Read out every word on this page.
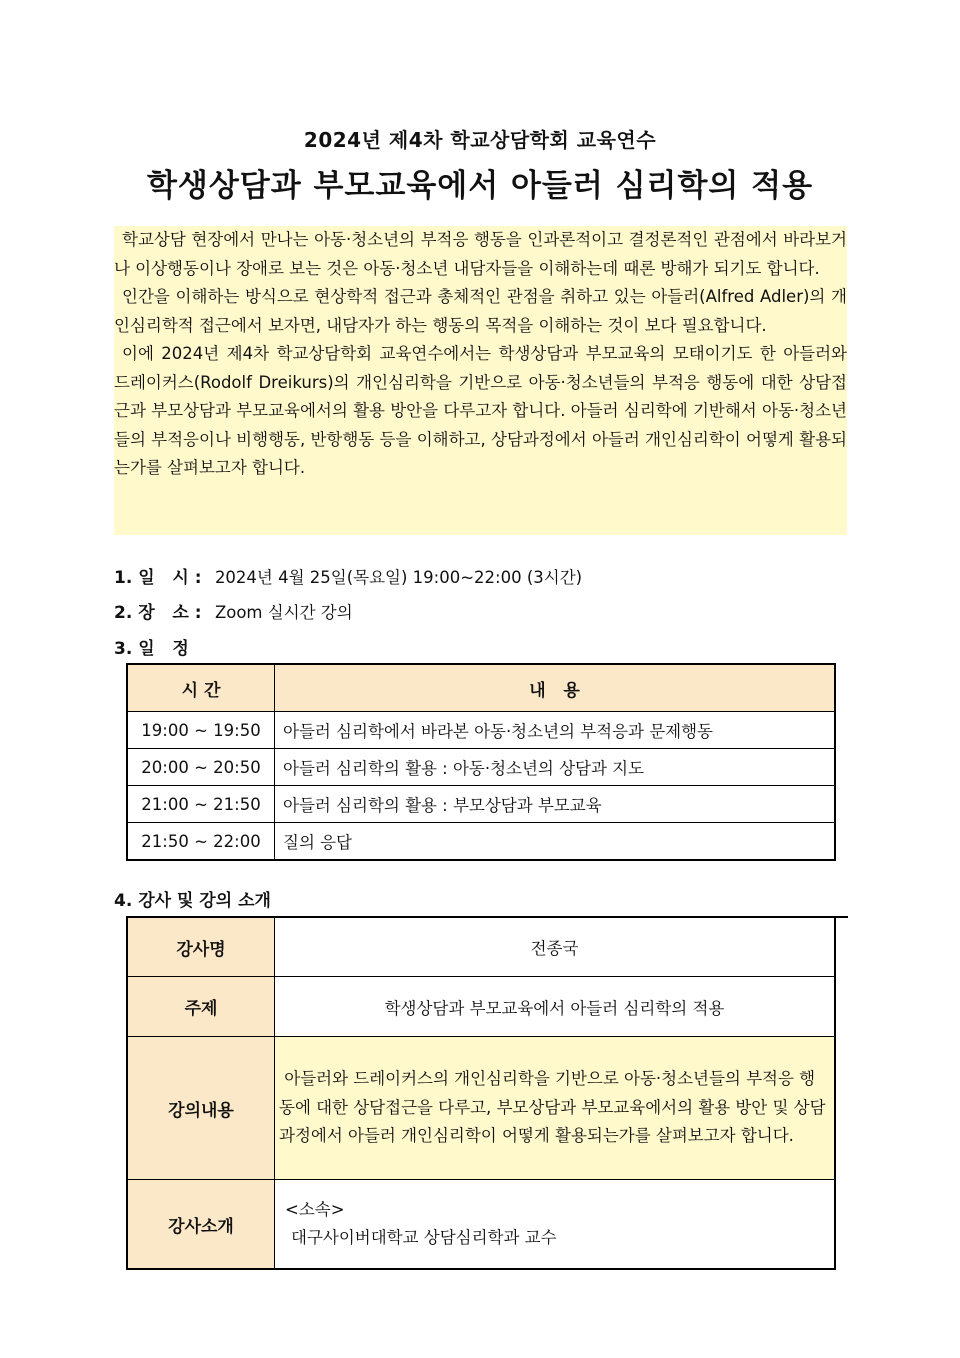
2024년 제4차 학교상담학회 교육연수
학생상담과 부모교육에서 아들러 심리학의 적용

학교상담 현장에서 만나는 아동·청소년의 부적응 행동을 인과론적이고 결정론적인 관점에서 바라보거나 이상행동이나 장애로 보는 것은 아동·청소년 내담자들을 이해하는데 때론 방해가 되기도 합니다.

인간을 이해하는 방식으로 현상학적 접근과 총체적인 관점을 취하고 있는 아들러(Alfred Adler)의 개인심리학적 접근에서 보자면, 내담자가 하는 행동의 목적을 이해하는 것이 보다 필요합니다.

이에 2024년 제4차 학교상담학회 교육연수에서는 학생상담과 부모교육의 모태이기도 한 아들러와 드레이커스(Rodolf Dreikurs)의 개인심리학을 기반으로 아동·청소년들의 부적응 행동에 대한 상담접근과 부모상담과 부모교육에서의 활용 방안을 다루고자 합니다. 아들러 심리학에 기반해서 아동·청소년들의 부적응이나 비행행동, 반항행동 등을 이해하고, 상담과정에서 아들러 개인심리학이 어떻게 활용되는가를 살펴보고자 합니다.

1. 일   시 : 2024년 4월 25일(목요일) 19:00~22:00 (3시간)
2. 장   소 : Zoom 실시간 강의
3. 일   정
시 간	내   용
19:00 ~ 19:50	아들러 심리학에서 바라본 아동·청소년의 부적응과 문제행동
20:00 ~ 20:50	아들러 심리학의 활용 : 아동·청소년의 상담과 지도
21:00 ~ 21:50	아들러 심리학의 활용 : 부모상담과 부모교육
21:50 ~ 22:00	질의 응답
4. 강사 및 강의 소개
강사명	전종국
주제	학생상담과 부모교육에서 아들러 심리학의 적용
강의내용	아들러와 드레이커스의 개인심리학을 기반으로 아동·청소년들의 부적응 행동에 대한 상담접근을 다루고, 부모상담과 부모교육에서의 활용 방안 및 상담과정에서 아들러 개인심리학이 어떻게 활용되는가를 살펴보고자 합니다.
강사소개	<소속>
대구사이버대학교 상담심리학과 교수
